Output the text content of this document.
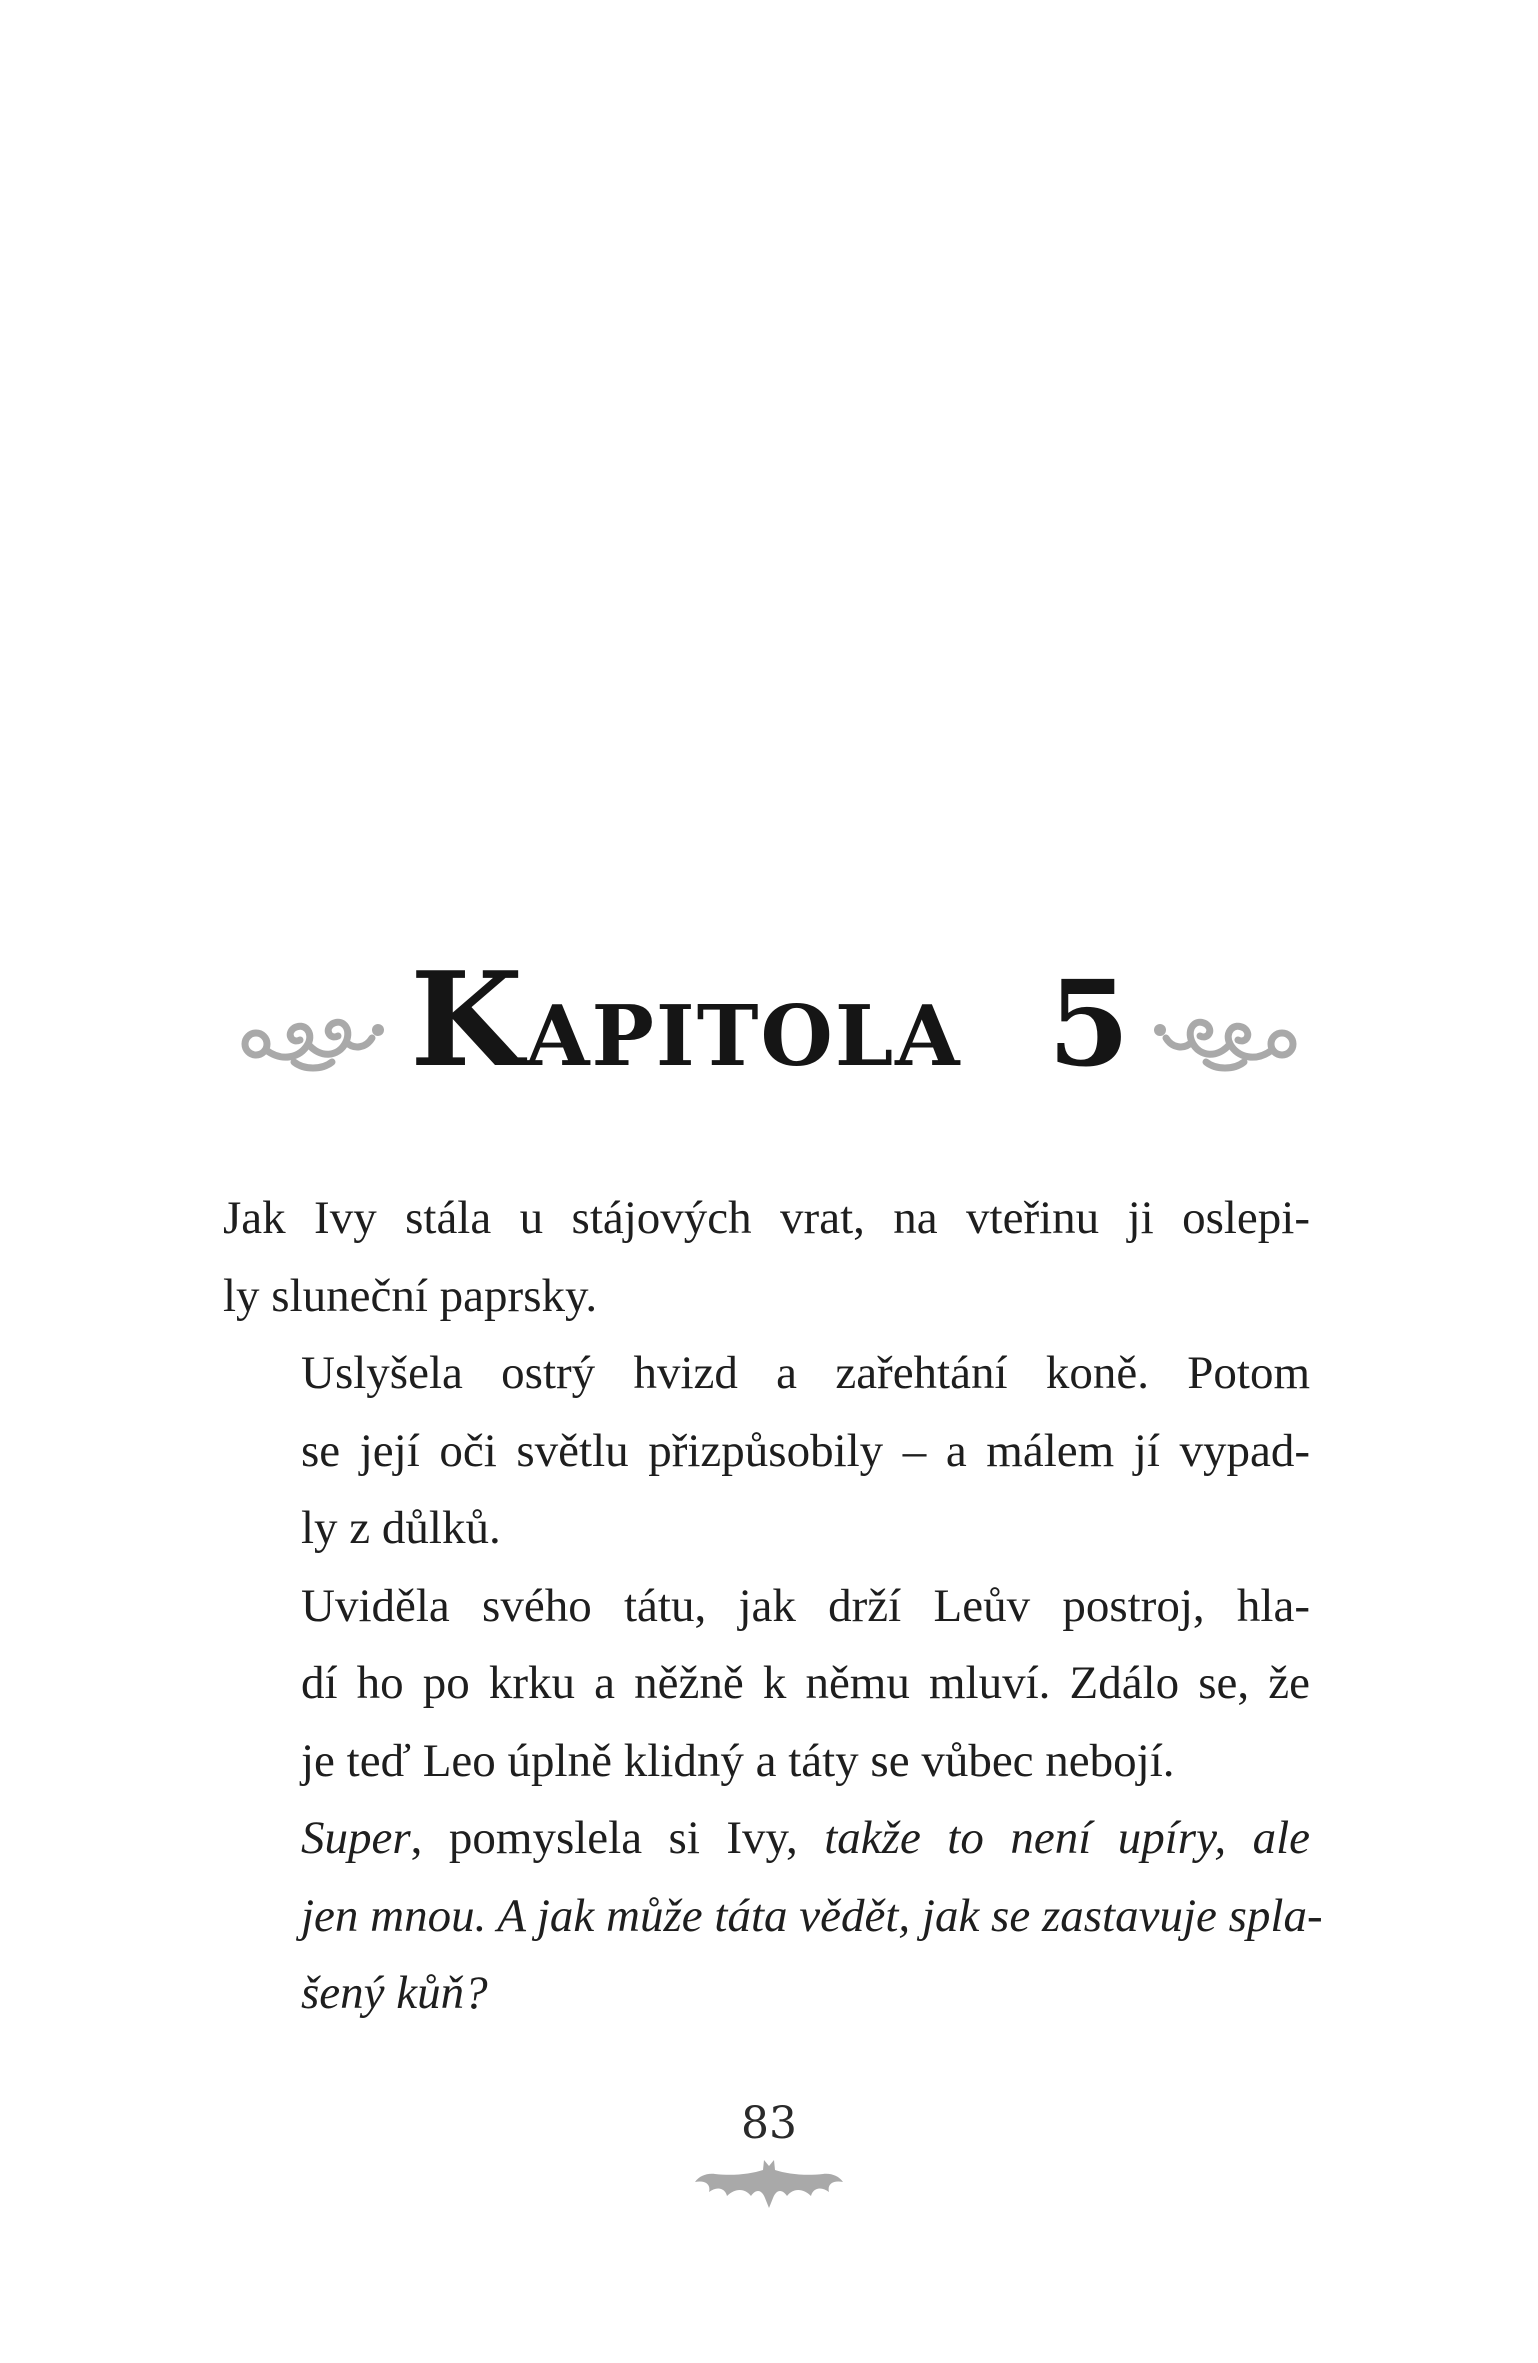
Kapitola 5
Jak Ivy stála u stájových vrat, na vteřinu ji oslepi-
ly sluneční paprsky.
Uslyšela ostrý hvizd a zařehtání koně. Potom
se její oči světlu přizpůsobily – a málem jí vypad-
ly z důlků.
Uviděla svého tátu, jak drží Leův postroj, hla-
dí ho po krku a něžně k němu mluví. Zdálo se, že
je teď Leo úplně klidný a táty se vůbec nebojí.
Super, pomyslela si Ivy, takže to není upíry, ale
jen mnou. A jak může táta vědět, jak se zastavuje spla-
šený kůň?
83
